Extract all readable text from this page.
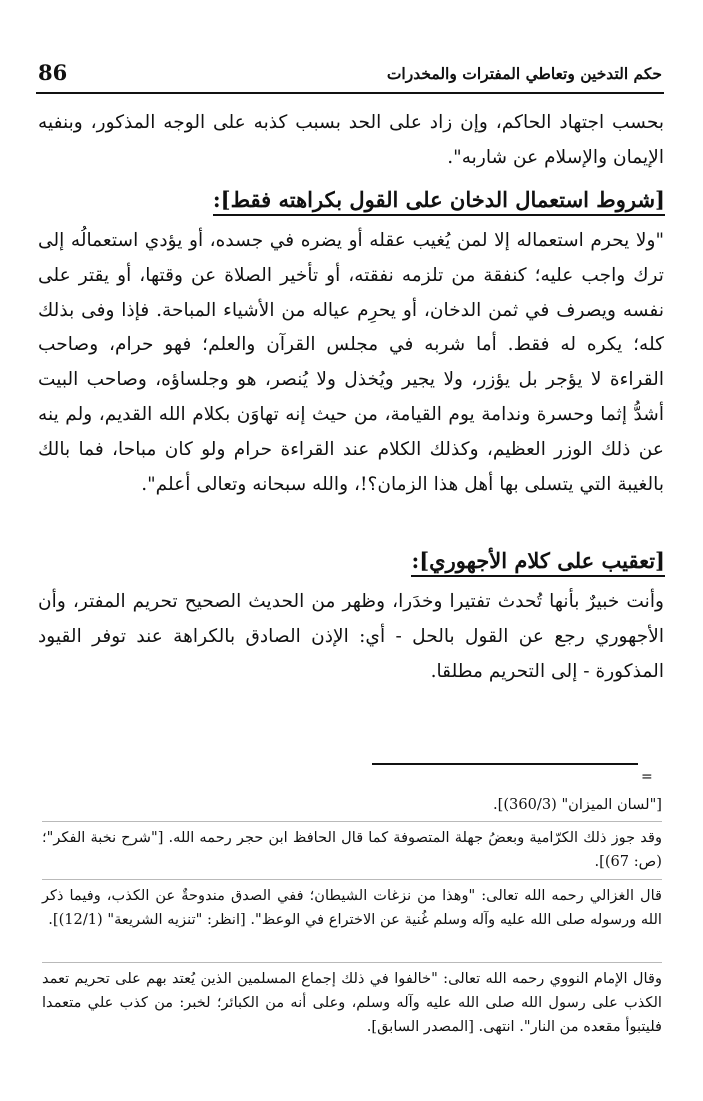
86	حكم التدخين وتعاطي المفترات والمخدرات

بحسب اجتهاد الحاكم، وإن زاد على الحد بسبب كذبه على الوجه المذكور، وبنفيه الإيمان والإسلام عن شاربه".

[شروط استعمال الدخان على القول بكراهته فقط]:

"ولا يحرم استعماله إلا لمن يُغيب عقله أو يضره في جسده، أو يؤدي استعمالُه إلى ترك واجب عليه؛ كنفقة من تلزمه نفقته، أو تأخير الصلاة عن وقتها، أو يقتر على نفسه ويصرف في ثمن الدخان، أو يحرِم عياله من الأشياء المباحة. فإذا وفى بذلك كله؛ يكره له فقط. أما شربه في مجلس القرآن والعلم؛ فهو حرام، وصاحب القراءة لا يؤجر بل يؤزر، ولا يجير ويُخذل ولا يُنصر، هو وجلساؤه، وصاحب البيت أشدُّ إثما وحسرة وندامة يوم القيامة، من حيث إنه تهاوَن بكلام الله القديم، ولم ينه عن ذلك الوزر العظيم، وكذلك الكلام عند القراءة حرام ولو كان مباحا، فما بالك بالغيبة التي يتسلى بها أهل هذا الزمان؟!، والله سبحانه وتعالى أعلم".

[تعقيب على كلام الأجهوري]:

وأنت خبيرٌ بأنها تُحدث تفتيرا وخدَرا، وظهر من الحديث الصحيح تحريم المفتر، وأن الأجهوري رجع عن القول بالحل - أي: الإذن الصادق بالكراهة عند توفر القيود المذكورة - إلى التحريم مطلقا.

=

["لسان الميزان" (360/3)].

وقد جوز ذلك الكرّامية وبعضُ جهلة المتصوفة كما قال الحافظ ابن حجر رحمه الله. ["شرح نخبة الفكر"؛ (ص: 67)].

قال الغزالي رحمه الله تعالى: "وهذا من نزغات الشيطان؛ ففي الصدق مندوحةٌ عن الكذب، وفيما ذكر الله ورسوله صلى الله عليه وآله وسلم غُنية عن الاختراع في الوعظ". [انظر: "تنزيه الشريعة" (12/1)].

وقال الإمام النووي رحمه الله تعالى: "خالفوا في ذلك إجماع المسلمين الذين يُعتد بهم على تحريم تعمد الكذب على رسول الله صلى الله عليه وآله وسلم، وعلى أنه من الكبائر؛ لخبر: من كذب علي متعمدا فليتبوأ مقعده من النار". انتهى. [المصدر السابق].
